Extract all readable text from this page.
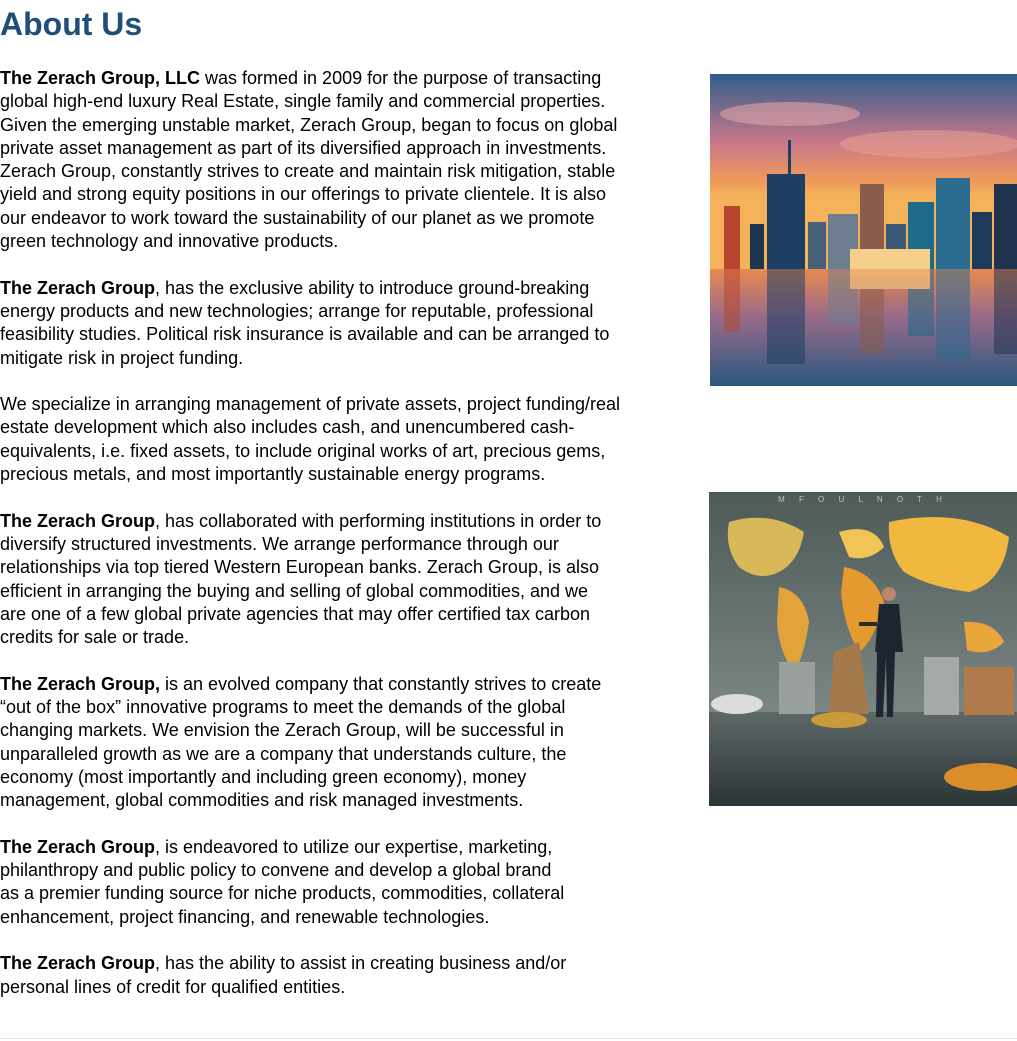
About Us

The Zerach Group, LLC was formed in 2009 for the purpose of transacting
global high-end luxury Real Estate, single family and commercial properties.
Given the emerging unstable market, Zerach Group, began to focus on global
private asset management as part of its diversified approach in investments.
Zerach Group, constantly strives to create and maintain risk mitigation, stable
yield and strong equity positions in our offerings to private clientele. It is also
our endeavor to work toward the sustainability of our planet as we promote
green technology and innovative products.

The Zerach Group, has the exclusive ability to introduce ground-breaking
energy products and new technologies; arrange for reputable, professional
feasibility studies. Political risk insurance is available and can be arranged to
mitigate risk in project funding.

We specialize in arranging management of private assets, project funding/real
estate development which also includes cash, and unencumbered cash-
equivalents, i.e. fixed assets, to include original works of art, precious gems,
precious metals, and most importantly sustainable energy programs.

The Zerach Group, has collaborated with performing institutions in order to
diversify structured investments. We arrange performance through our
relationships via top tiered Western European banks. Zerach Group, is also
efficient in arranging the buying and selling of global commodities, and we
are one of a few global private agencies that may offer certified tax carbon
credits for sale or trade.

The Zerach Group, is an evolved company that constantly strives to create
“out of the box” innovative programs to meet the demands of the global
changing markets. We envision the Zerach Group, will be successful in
unparalleled growth as we are a company that understands culture, the
economy (most importantly and including green economy), money
management, global commodities and risk managed investments.

The Zerach Group, is endeavored to utilize our expertise, marketing,
philanthropy and public policy to convene and develop a global brand
as a premier funding source for niche products, commodities, collateral
enhancement, project financing, and renewable technologies.

The Zerach Group, has the ability to assist in creating business and/or
personal lines of credit for qualified entities.

M F O U L N O T H
